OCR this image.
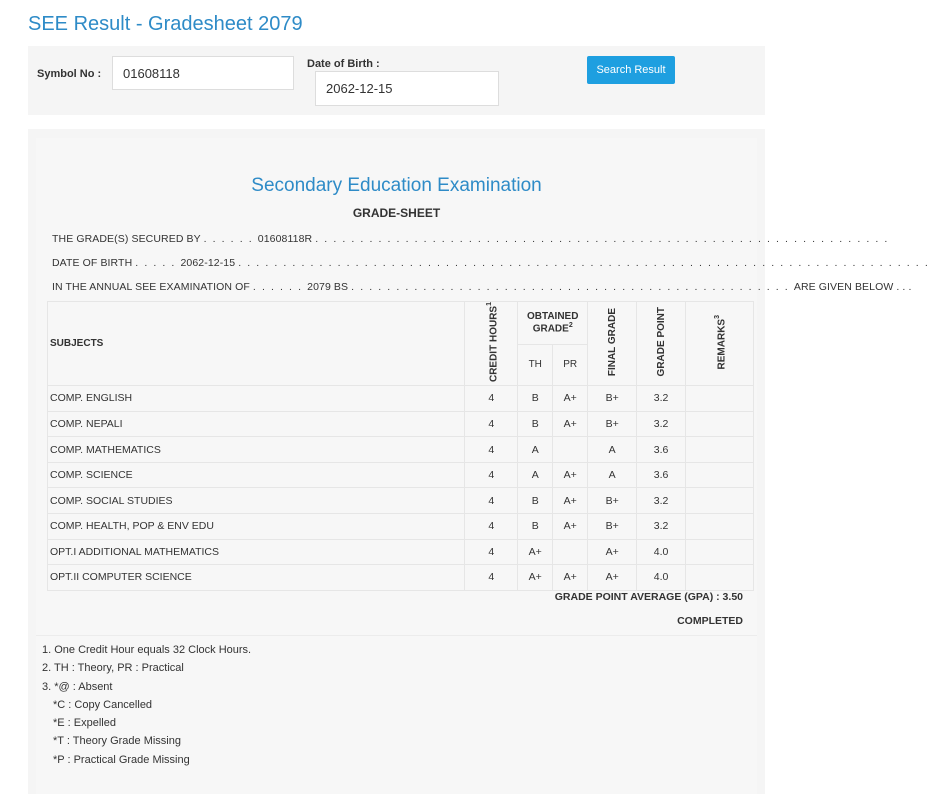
SEE Result - Gradesheet 2079
Symbol No :
01608118
Date of Birth :
2062-12-15	Search Result
Secondary Education Examination
GRADE-SHEET
THE GRADE(S) SECURED BY . . . . . . 01608118R . . . . . . . . . . . . . . . . . . . . . . . . . . . . . . . . . . . . . . . . . . . . . . . . . . . . . . . . . . . . . . . .
DATE OF BIRTH . . . . . 2062-12-15 . . . . . . . . . . . . . . . . . . . . . . . . . . . . . . . . . . . . . . . . . . . . . . . . . . . . . . . . . . . . . . . . . . . . . . . . . . . . .
IN THE ANNUAL SEE EXAMINATION OF . . . . . . 2079 BS . . . . . . . . . . . . . . . . . . . . . . . . . . . . . . . . . . . . . . . . . . . . . . . . . ARE GIVEN BELOW . . .
SUBJECTS	CREDIT HOURS$^1$	OBTAINED GRADE$^2$		FINAL GRADE	GRADE POINT	REMARKS$^3$
		TH	PR			
COMP. ENGLISH	4	B	A+	B+	3.2	
COMP. NEPALI	4	B	A+	B+	3.2	
COMP. MATHEMATICS	4	A		A	3.6	
COMP. SCIENCE	4	A	A+	A	3.6	
COMP. SOCIAL STUDIES	4	B	A+	B+	3.2	
COMP. HEALTH, POP & ENV EDU	4	B	A+	B+	3.2	
OPT.I ADDITIONAL MATHEMATICS	4	A+		A+	4.0	
OPT.II COMPUTER SCIENCE	4	A+	A+	A+	4.0	
GRADE POINT AVERAGE (GPA) : 3.50
COMPLETED
1. One Credit Hour equals 32 Clock Hours.
2. TH : Theory, PR : Practical
3. *@ : Absent
*C : Copy Cancelled
*E : Expelled
*T : Theory Grade Missing
*P : Practical Grade Missing
